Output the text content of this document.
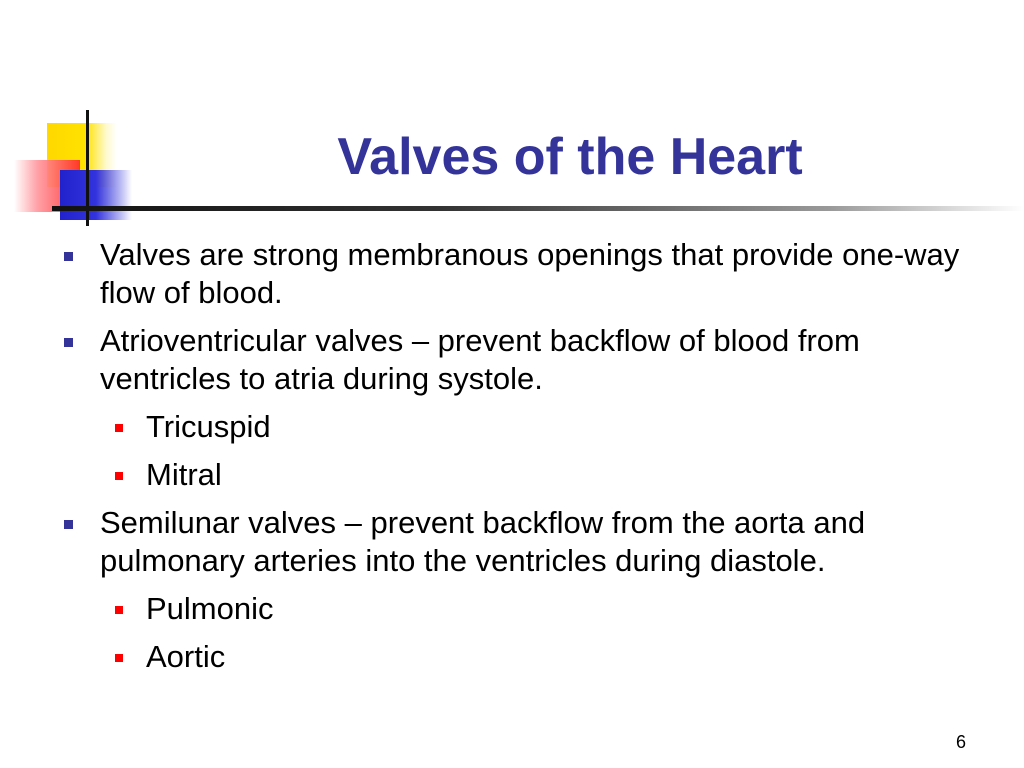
Valves of the Heart
Valves are strong membranous openings that provide one-way flow of blood.
Atrioventricular valves – prevent backflow of blood from ventricles to atria during systole.
Tricuspid
Mitral
Semilunar valves – prevent backflow from the aorta and pulmonary arteries into the ventricles during diastole.
Pulmonic
Aortic
6
